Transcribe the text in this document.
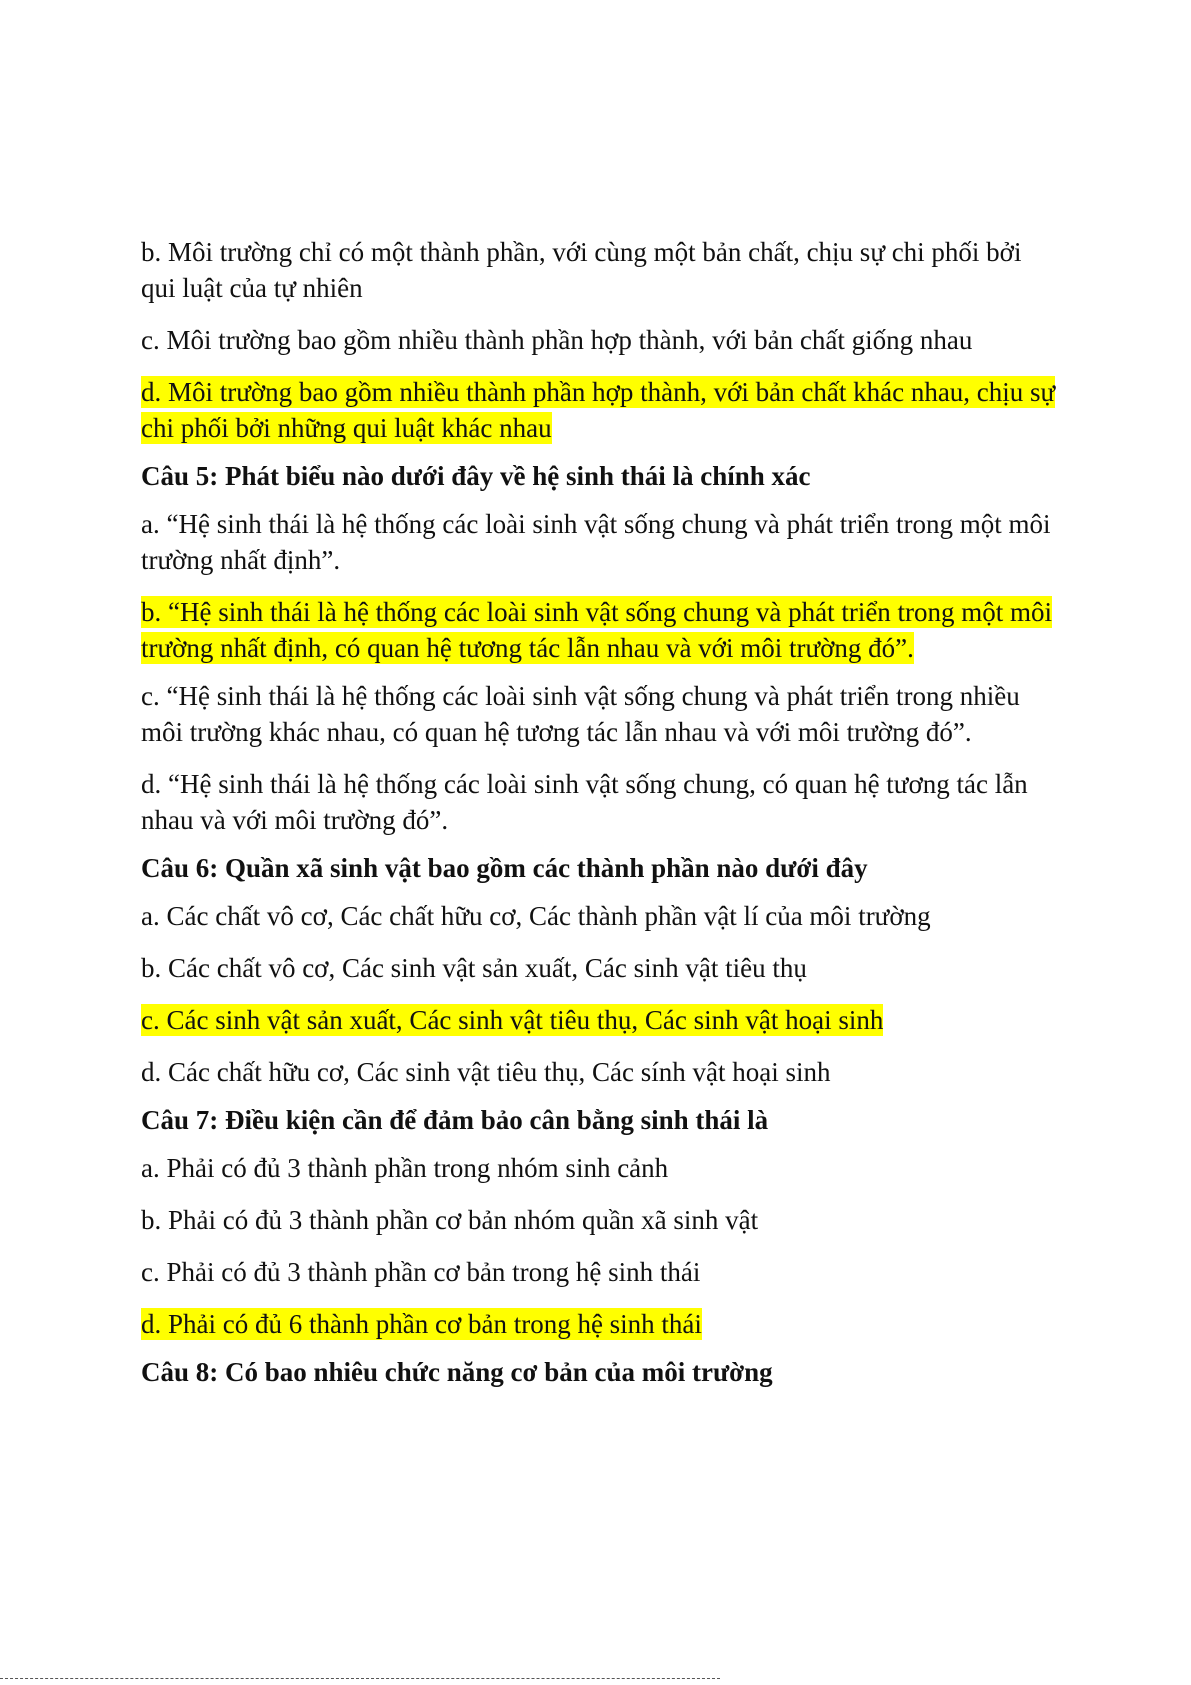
b. Môi trường chỉ có một thành phần, với cùng một bản chất, chịu sự chi phối bởi qui luật của tự nhiên

c. Môi trường bao gồm nhiều thành phần hợp thành, với bản chất giống nhau

d. Môi trường bao gồm nhiều thành phần hợp thành, với bản chất khác nhau, chịu sự chi phối bởi những qui luật khác nhau

Câu 5: Phát biểu nào dưới đây về hệ sinh thái là chính xác

a. “Hệ sinh thái là hệ thống các loài sinh vật sống chung và phát triển trong một môi trường nhất định”.

b. “Hệ sinh thái là hệ thống các loài sinh vật sống chung và phát triển trong một môi trường nhất định, có quan hệ tương tác lẫn nhau và với môi trường đó”.

c. “Hệ sinh thái là hệ thống các loài sinh vật sống chung và phát triển trong nhiều môi trường khác nhau, có quan hệ tương tác lẫn nhau và với môi trường đó”.

d. “Hệ sinh thái là hệ thống các loài sinh vật sống chung, có quan hệ tương tác lẫn nhau và với môi trường đó”.

Câu 6: Quần xã sinh vật bao gồm các thành phần nào dưới đây

a. Các chất vô cơ, Các chất hữu cơ, Các thành phần vật lí của môi trường

b. Các chất vô cơ, Các sinh vật sản xuất, Các sinh vật tiêu thụ

c. Các sinh vật sản xuất, Các sinh vật tiêu thụ, Các sinh vật hoại sinh

d. Các chất hữu cơ, Các sinh vật tiêu thụ, Các sính vật hoại sinh

Câu 7: Điều kiện cần để đảm bảo cân bằng sinh thái là

a. Phải có đủ 3 thành phần trong nhóm sinh cảnh

b. Phải có đủ 3 thành phần cơ bản nhóm quần xã sinh vật

c. Phải có đủ 3 thành phần cơ bản trong hệ sinh thái

d. Phải có đủ 6 thành phần cơ bản trong hệ sinh thái

Câu 8: Có bao nhiêu chức năng cơ bản của môi trường
